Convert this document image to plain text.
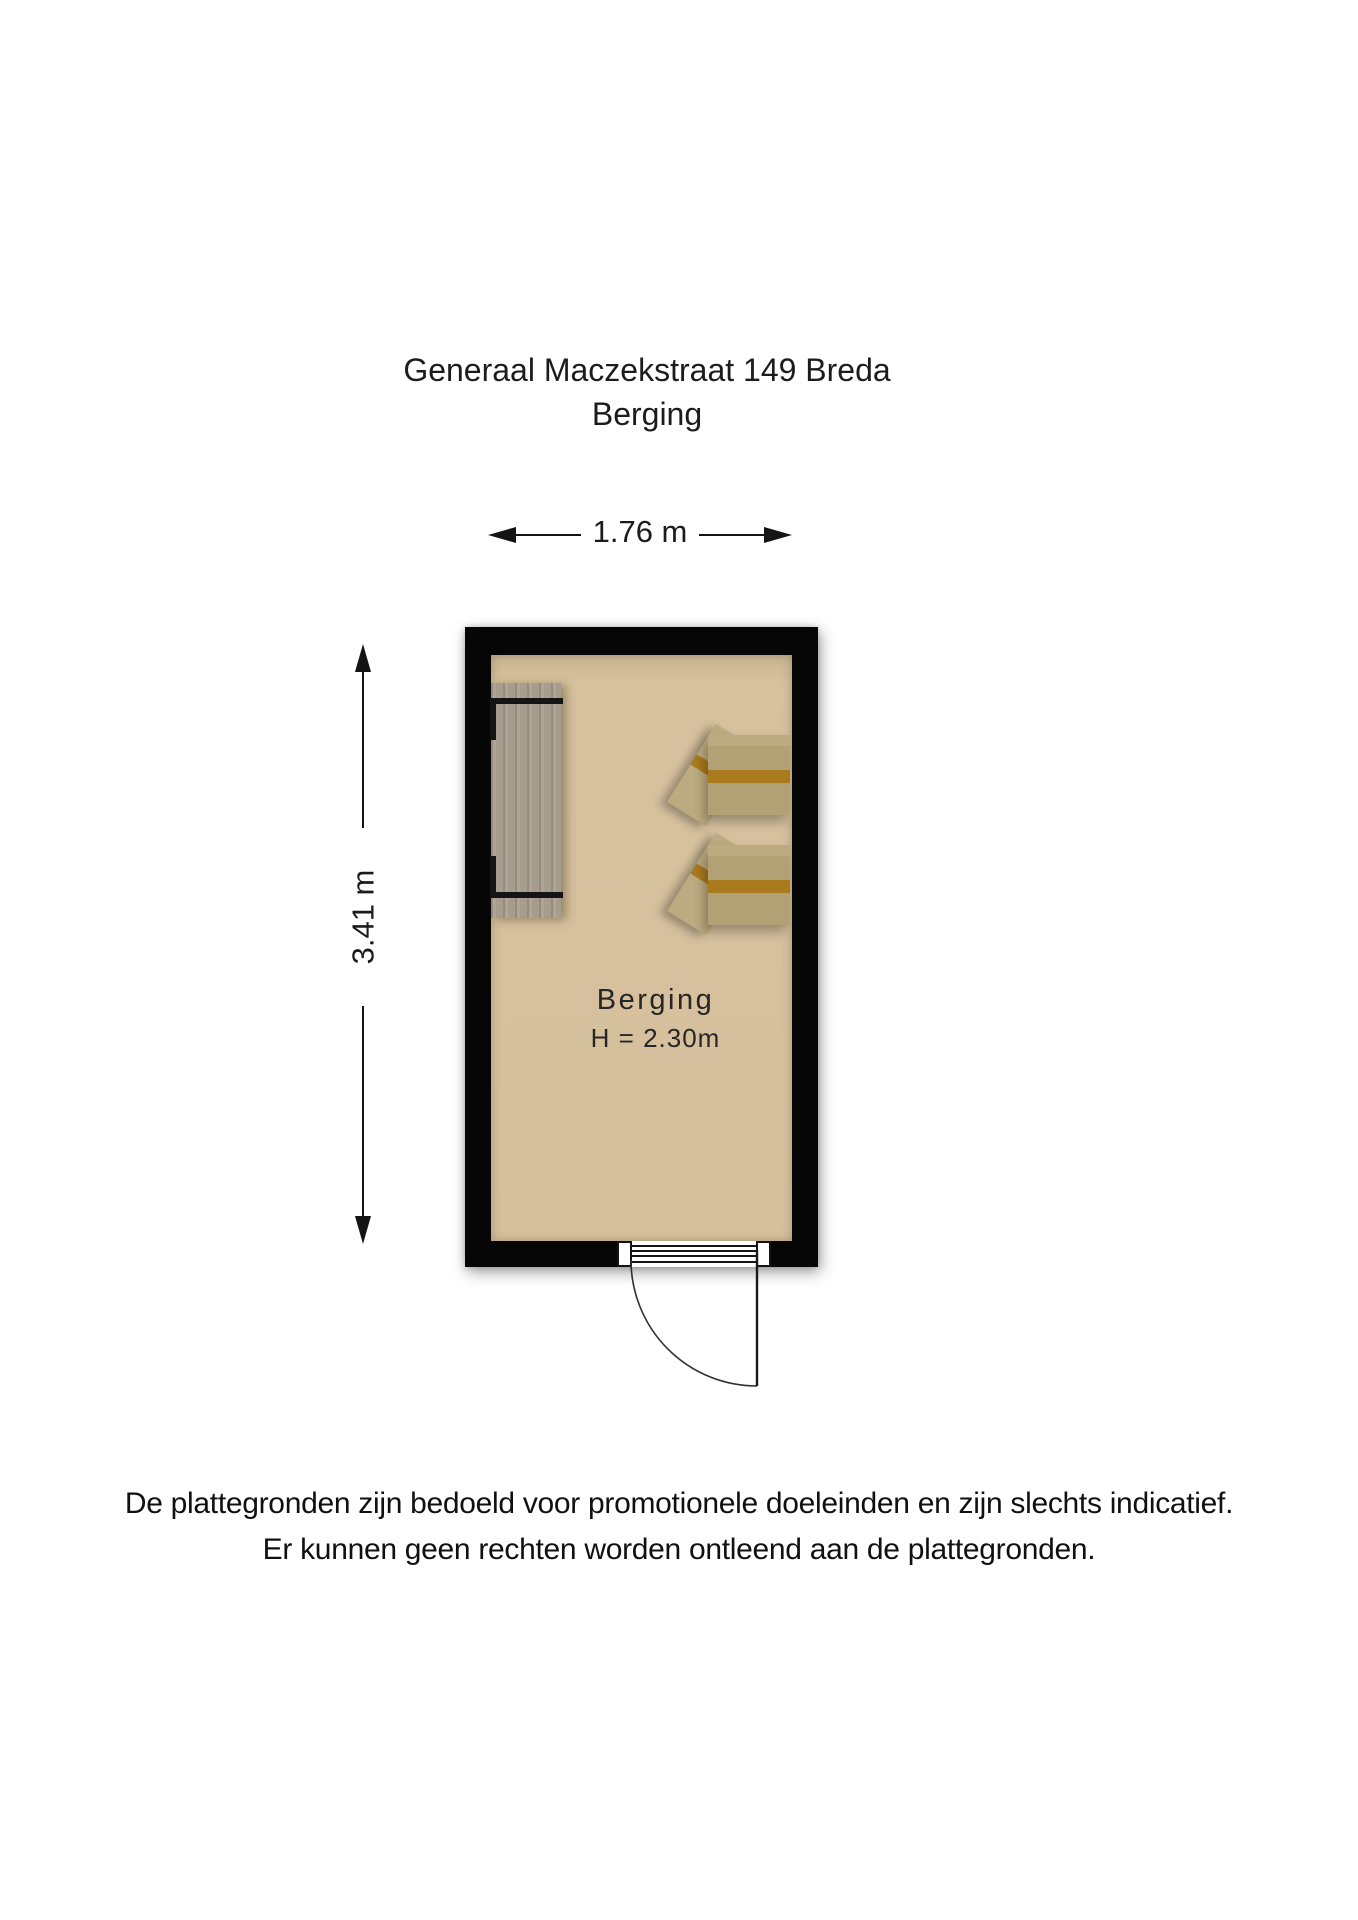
Generaal Maczekstraat 149 Breda
Berging
1.76 m
3.41 m
Berging
H = 2.30m
De plattegronden zijn bedoeld voor promotionele doeleinden en zijn slechts indicatief.
Er kunnen geen rechten worden ontleend aan de plattegronden.
